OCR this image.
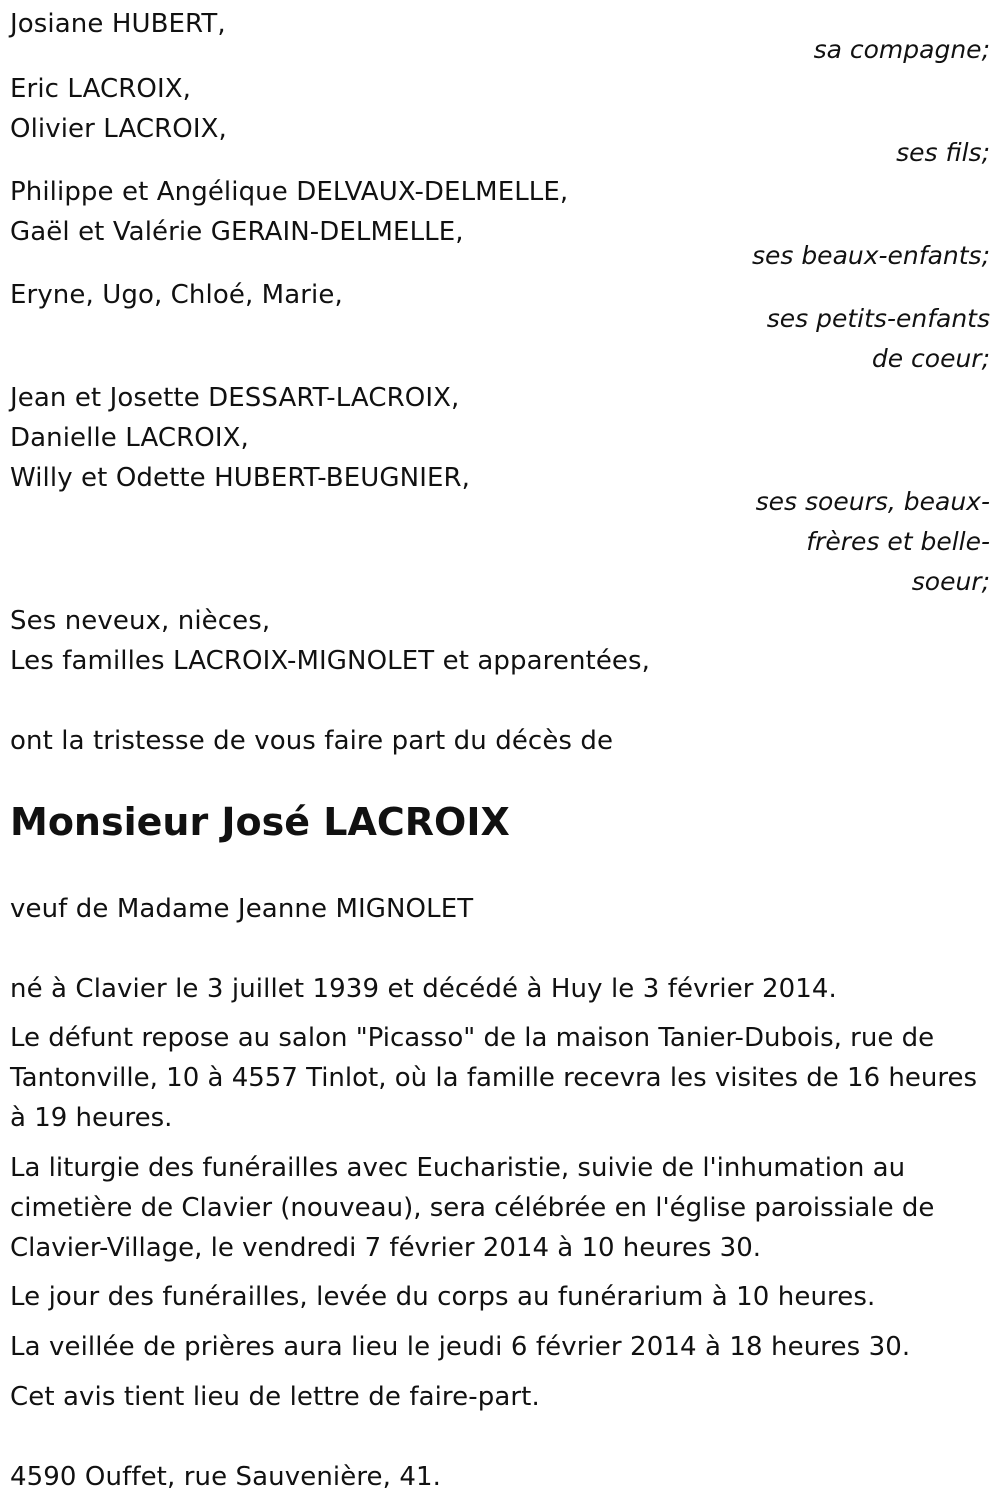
Josiane HUBERT,
sa compagne;
Eric LACROIX,
Olivier LACROIX,
ses fils;
Philippe et Angélique DELVAUX-DELMELLE,
Gaël et Valérie GERAIN-DELMELLE,
ses beaux-enfants;
Eryne, Ugo, Chloé, Marie,
ses petits-enfants
de coeur;
Jean et Josette DESSART-LACROIX,
Danielle LACROIX,
Willy et Odette HUBERT-BEUGNIER,
ses soeurs, beaux-
frères et belle-
soeur;
Ses neveux, nièces,
Les familles LACROIX-MIGNOLET et apparentées,
ont la tristesse de vous faire part du décès de
Monsieur José LACROIX
veuf de Madame Jeanne MIGNOLET
né à Clavier le 3 juillet 1939 et décédé à Huy le 3 février 2014.
Le défunt repose au salon "Picasso" de la maison Tanier-Dubois, rue de Tantonville, 10 à 4557 Tinlot, où la famille recevra les visites de 16 heures à 19 heures.
La liturgie des funérailles avec Eucharistie, suivie de l'inhumation au cimetière de Clavier (nouveau), sera célébrée en l'église paroissiale de Clavier-Village, le vendredi 7 février 2014 à 10 heures 30.
Le jour des funérailles, levée du corps au funérarium à 10 heures.
La veillée de prières aura lieu le jeudi 6 février 2014 à 18 heures 30.
Cet avis tient lieu de lettre de faire-part.
4590 Ouffet, rue Sauvenière, 41.
